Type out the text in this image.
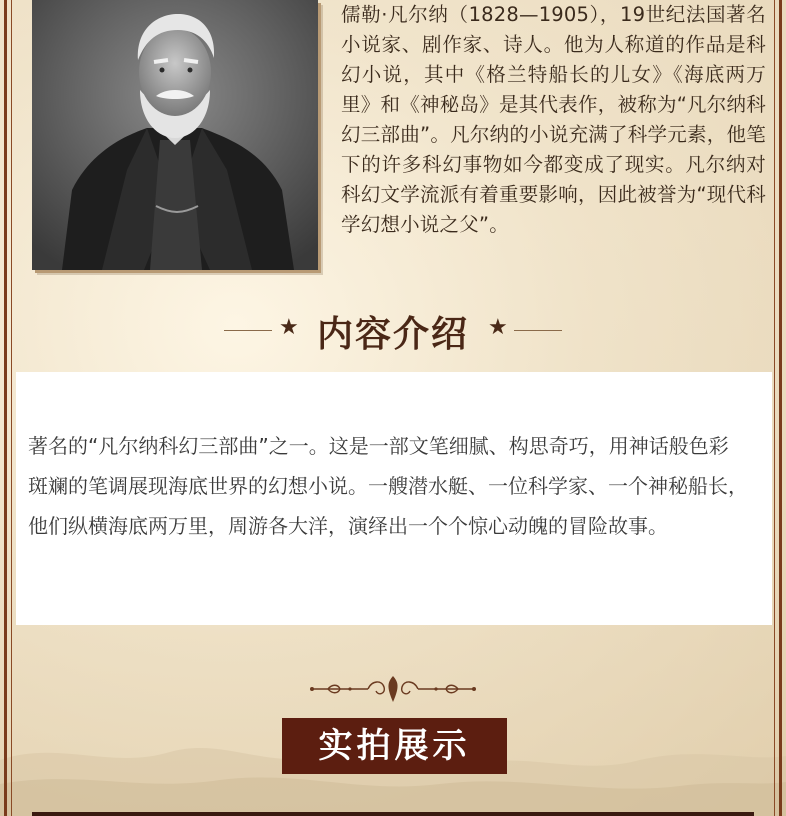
儒勒·凡尔纳（1828—1905），19世纪法国著名小说家、剧作家、诗人。他为人称道的作品是科幻小说，其中《格兰特船长的儿女》《海底两万里》和《神秘岛》是其代表作，被称为“凡尔纳科幻三部曲”。凡尔纳的小说充满了科学元素，他笔下的许多科幻事物如今都变成了现实。凡尔纳对科幻文学流派有着重要影响，因此被誉为“现代科学幻想小说之父”。

★ 内容介绍 ★

著名的“凡尔纳科幻三部曲”之一。这是一部文笔细腻、构思奇巧，用神话般色彩斑斓的笔调展现海底世界的幻想小说。一艘潜水艇、一位科学家、一个神秘船长，他们纵横海底两万里，周游各大洋，演绎出一个个惊心动魄的冒险故事。

实拍展示
